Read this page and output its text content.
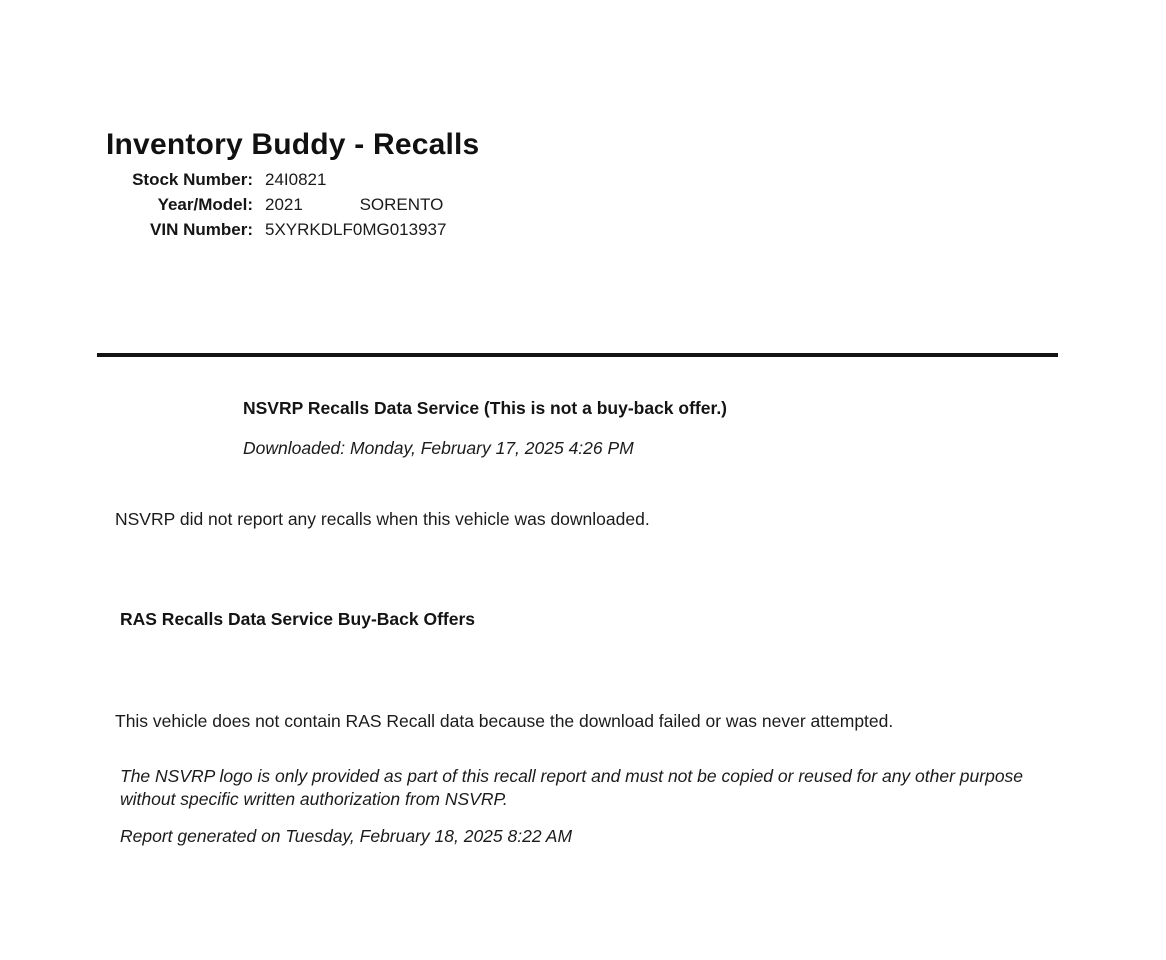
Inventory Buddy - Recalls
Stock Number: 24I0821
Year/Model: 2021	SORENTO
VIN Number: 5XYRKDLF0MG013937
NSVRP Recalls Data Service (This is not a buy-back offer.)
Downloaded: Monday, February 17, 2025 4:26 PM
NSVRP did not report any recalls when this vehicle was downloaded.
RAS Recalls Data Service Buy-Back Offers
This vehicle does not contain RAS Recall data because the download failed or was never attempted.
The NSVRP logo is only provided as part of this recall report and must not be copied or reused for any other purpose without specific written authorization from NSVRP.
Report generated on Tuesday, February 18, 2025 8:22 AM
